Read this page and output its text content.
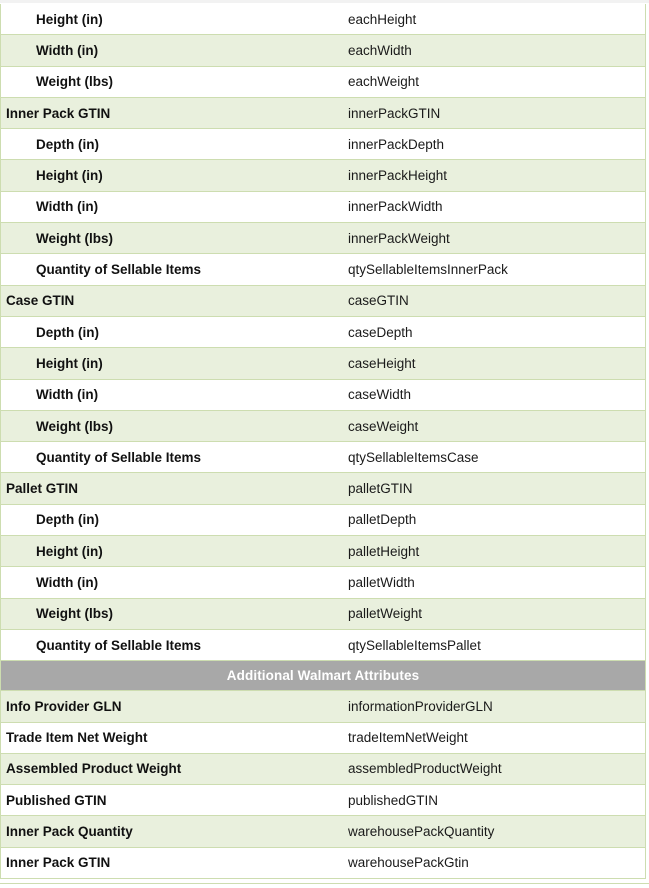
Height (in)	eachHeight
Width (in)	eachWidth
Weight (lbs)	eachWeight
Inner Pack GTIN	innerPackGTIN
Depth (in)	innerPackDepth
Height (in)	innerPackHeight
Width (in)	innerPackWidth
Weight (lbs)	innerPackWeight
Quantity of Sellable Items	qtySellableItemsInnerPack
Case GTIN	caseGTIN
Depth (in)	caseDepth
Height (in)	caseHeight
Width (in)	caseWidth
Weight (lbs)	caseWeight
Quantity of Sellable Items	qtySellableItemsCase
Pallet GTIN	palletGTIN
Depth (in)	palletDepth
Height (in)	palletHeight
Width (in)	palletWidth
Weight (lbs)	palletWeight
Quantity of Sellable Items	qtySellableItemsPallet
Additional Walmart Attributes
Info Provider GLN	informationProviderGLN
Trade Item Net Weight	tradeItemNetWeight
Assembled Product Weight	assembledProductWeight
Published GTIN	publishedGTIN
Inner Pack Quantity	warehousePackQuantity
Inner Pack GTIN	warehousePackGtin
